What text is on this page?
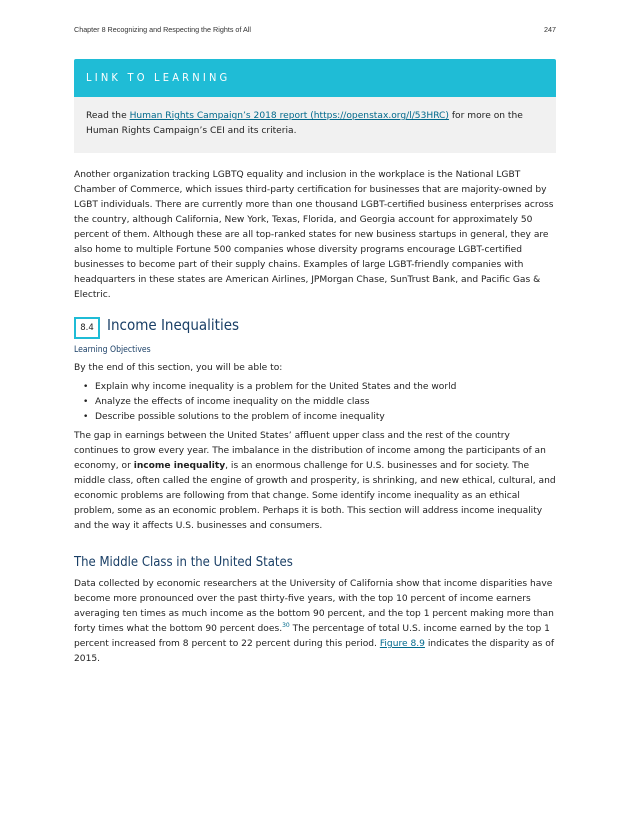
Chapter 8 Recognizing and Respecting the Rights of All	247
LINK TO LEARNING
Read the Human Rights Campaign’s 2018 report (https://openstax.org/l/53HRC) for more on the Human Rights Campaign’s CEI and its criteria.

Another organization tracking LGBTQ equality and inclusion in the workplace is the National LGBT Chamber of Commerce, which issues third-party certification for businesses that are majority-owned by LGBT individuals. There are currently more than one thousand LGBT-certified business enterprises across the country, although California, New York, Texas, Florida, and Georgia account for approximately 50 percent of them. Although these are all top-ranked states for new business startups in general, they are also home to multiple Fortune 500 companies whose diversity programs encourage LGBT-certified businesses to become part of their supply chains. Examples of large LGBT-friendly companies with headquarters in these states are American Airlines, JPMorgan Chase, SunTrust Bank, and Pacific Gas & Electric.

8.4 Income Inequalities
Learning Objectives

By the end of this section, you will be able to:

• Explain why income inequality is a problem for the United States and the world
• Analyze the effects of income inequality on the middle class
• Describe possible solutions to the problem of income inequality

The gap in earnings between the United States’ affluent upper class and the rest of the country continues to grow every year. The imbalance in the distribution of income among the participants of an economy, or income inequality, is an enormous challenge for U.S. businesses and for society. The middle class, often called the engine of growth and prosperity, is shrinking, and new ethical, cultural, and economic problems are following from that change. Some identify income inequality as an ethical problem, some as an economic problem. Perhaps it is both. This section will address income inequality and the way it affects U.S. businesses and consumers.

The Middle Class in the United States

Data collected by economic researchers at the University of California show that income disparities have become more pronounced over the past thirty-five years, with the top 10 percent of income earners averaging ten times as much income as the bottom 90 percent, and the top 1 percent making more than forty times what the bottom 90 percent does.$^{30}$ The percentage of total U.S. income earned by the top 1 percent increased from 8 percent to 22 percent during this period. Figure 8.9 indicates the disparity as of 2015.
